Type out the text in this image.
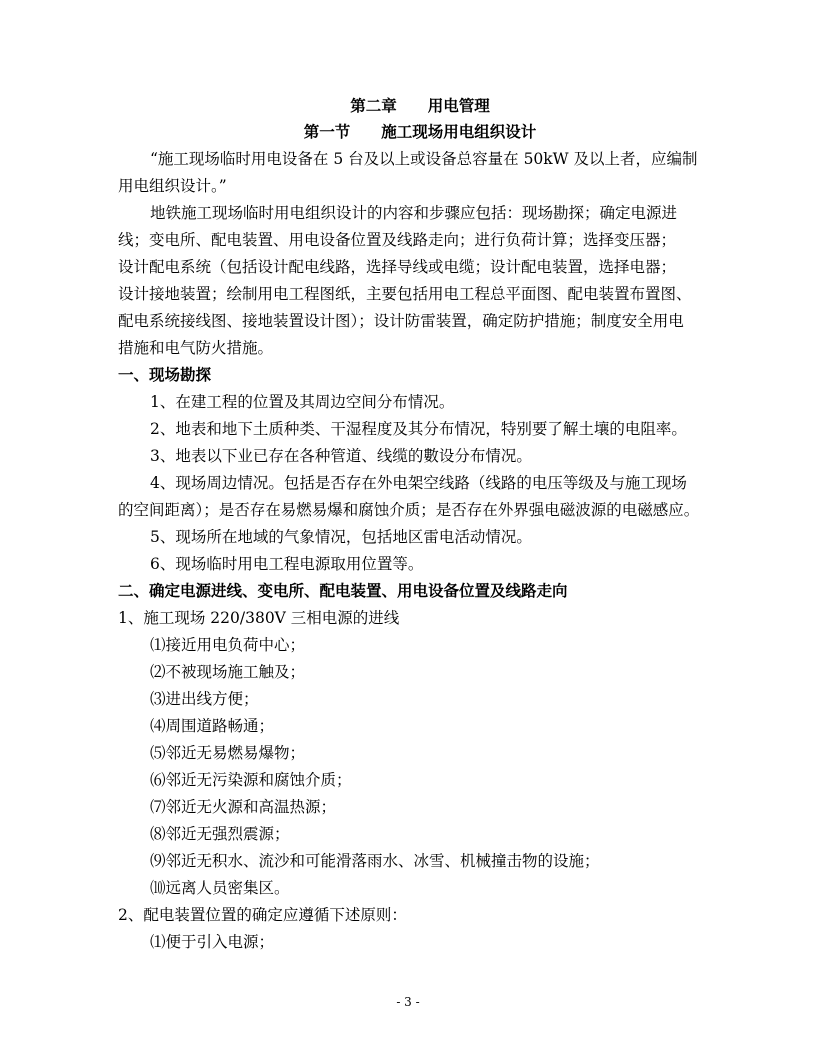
第二章　　用电管理
第一节　　施工现场用电组织设计
“施工现场临时用电设备在 5 台及以上或设备总容量在 50kW 及以上者，应编制
用电组织设计。”
地铁施工现场临时用电组织设计的内容和步骤应包括：现场勘探；确定电源进
线；变电所、配电装置、用电设备位置及线路走向；进行负荷计算；选择变压器；
设计配电系统（包括设计配电线路，选择导线或电缆；设计配电装置，选择电器；
设计接地装置；绘制用电工程图纸，主要包括用电工程总平面图、配电装置布置图、
配电系统接线图、接地装置设计图）；设计防雷装置，确定防护措施；制度安全用电
措施和电气防火措施。
一、现场勘探
1、在建工程的位置及其周边空间分布情况。
2、地表和地下土质种类、干湿程度及其分布情况，特别要了解土壤的电阻率。
3、地表以下业已存在各种管道、线缆的數设分布情况。
4、现场周边情况。包括是否存在外电架空线路（线路的电压等级及与施工现场
的空间距离）；是否存在易燃易爆和腐蚀介质；是否存在外界强电磁波源的电磁感应。
5、现场所在地域的气象情况，包括地区雷电活动情况。
6、现场临时用电工程电源取用位置等。
二、确定电源进线、变电所、配电装置、用电设备位置及线路走向
1、施工现场 220/380V 三相电源的进线
⑴接近用电负荷中心；
⑵不被现场施工触及；
⑶进出线方便；
⑷周围道路畅通；
⑸邻近无易燃易爆物；
⑹邻近无污染源和腐蚀介质；
⑺邻近无火源和高温热源；
⑻邻近无强烈震源；
⑼邻近无积水、流沙和可能滑落雨水、冰雪、机械撞击物的设施；
⑽远离人员密集区。
2、配电装置位置的确定应遵循下述原则：
⑴便于引入电源；
- 3 -
